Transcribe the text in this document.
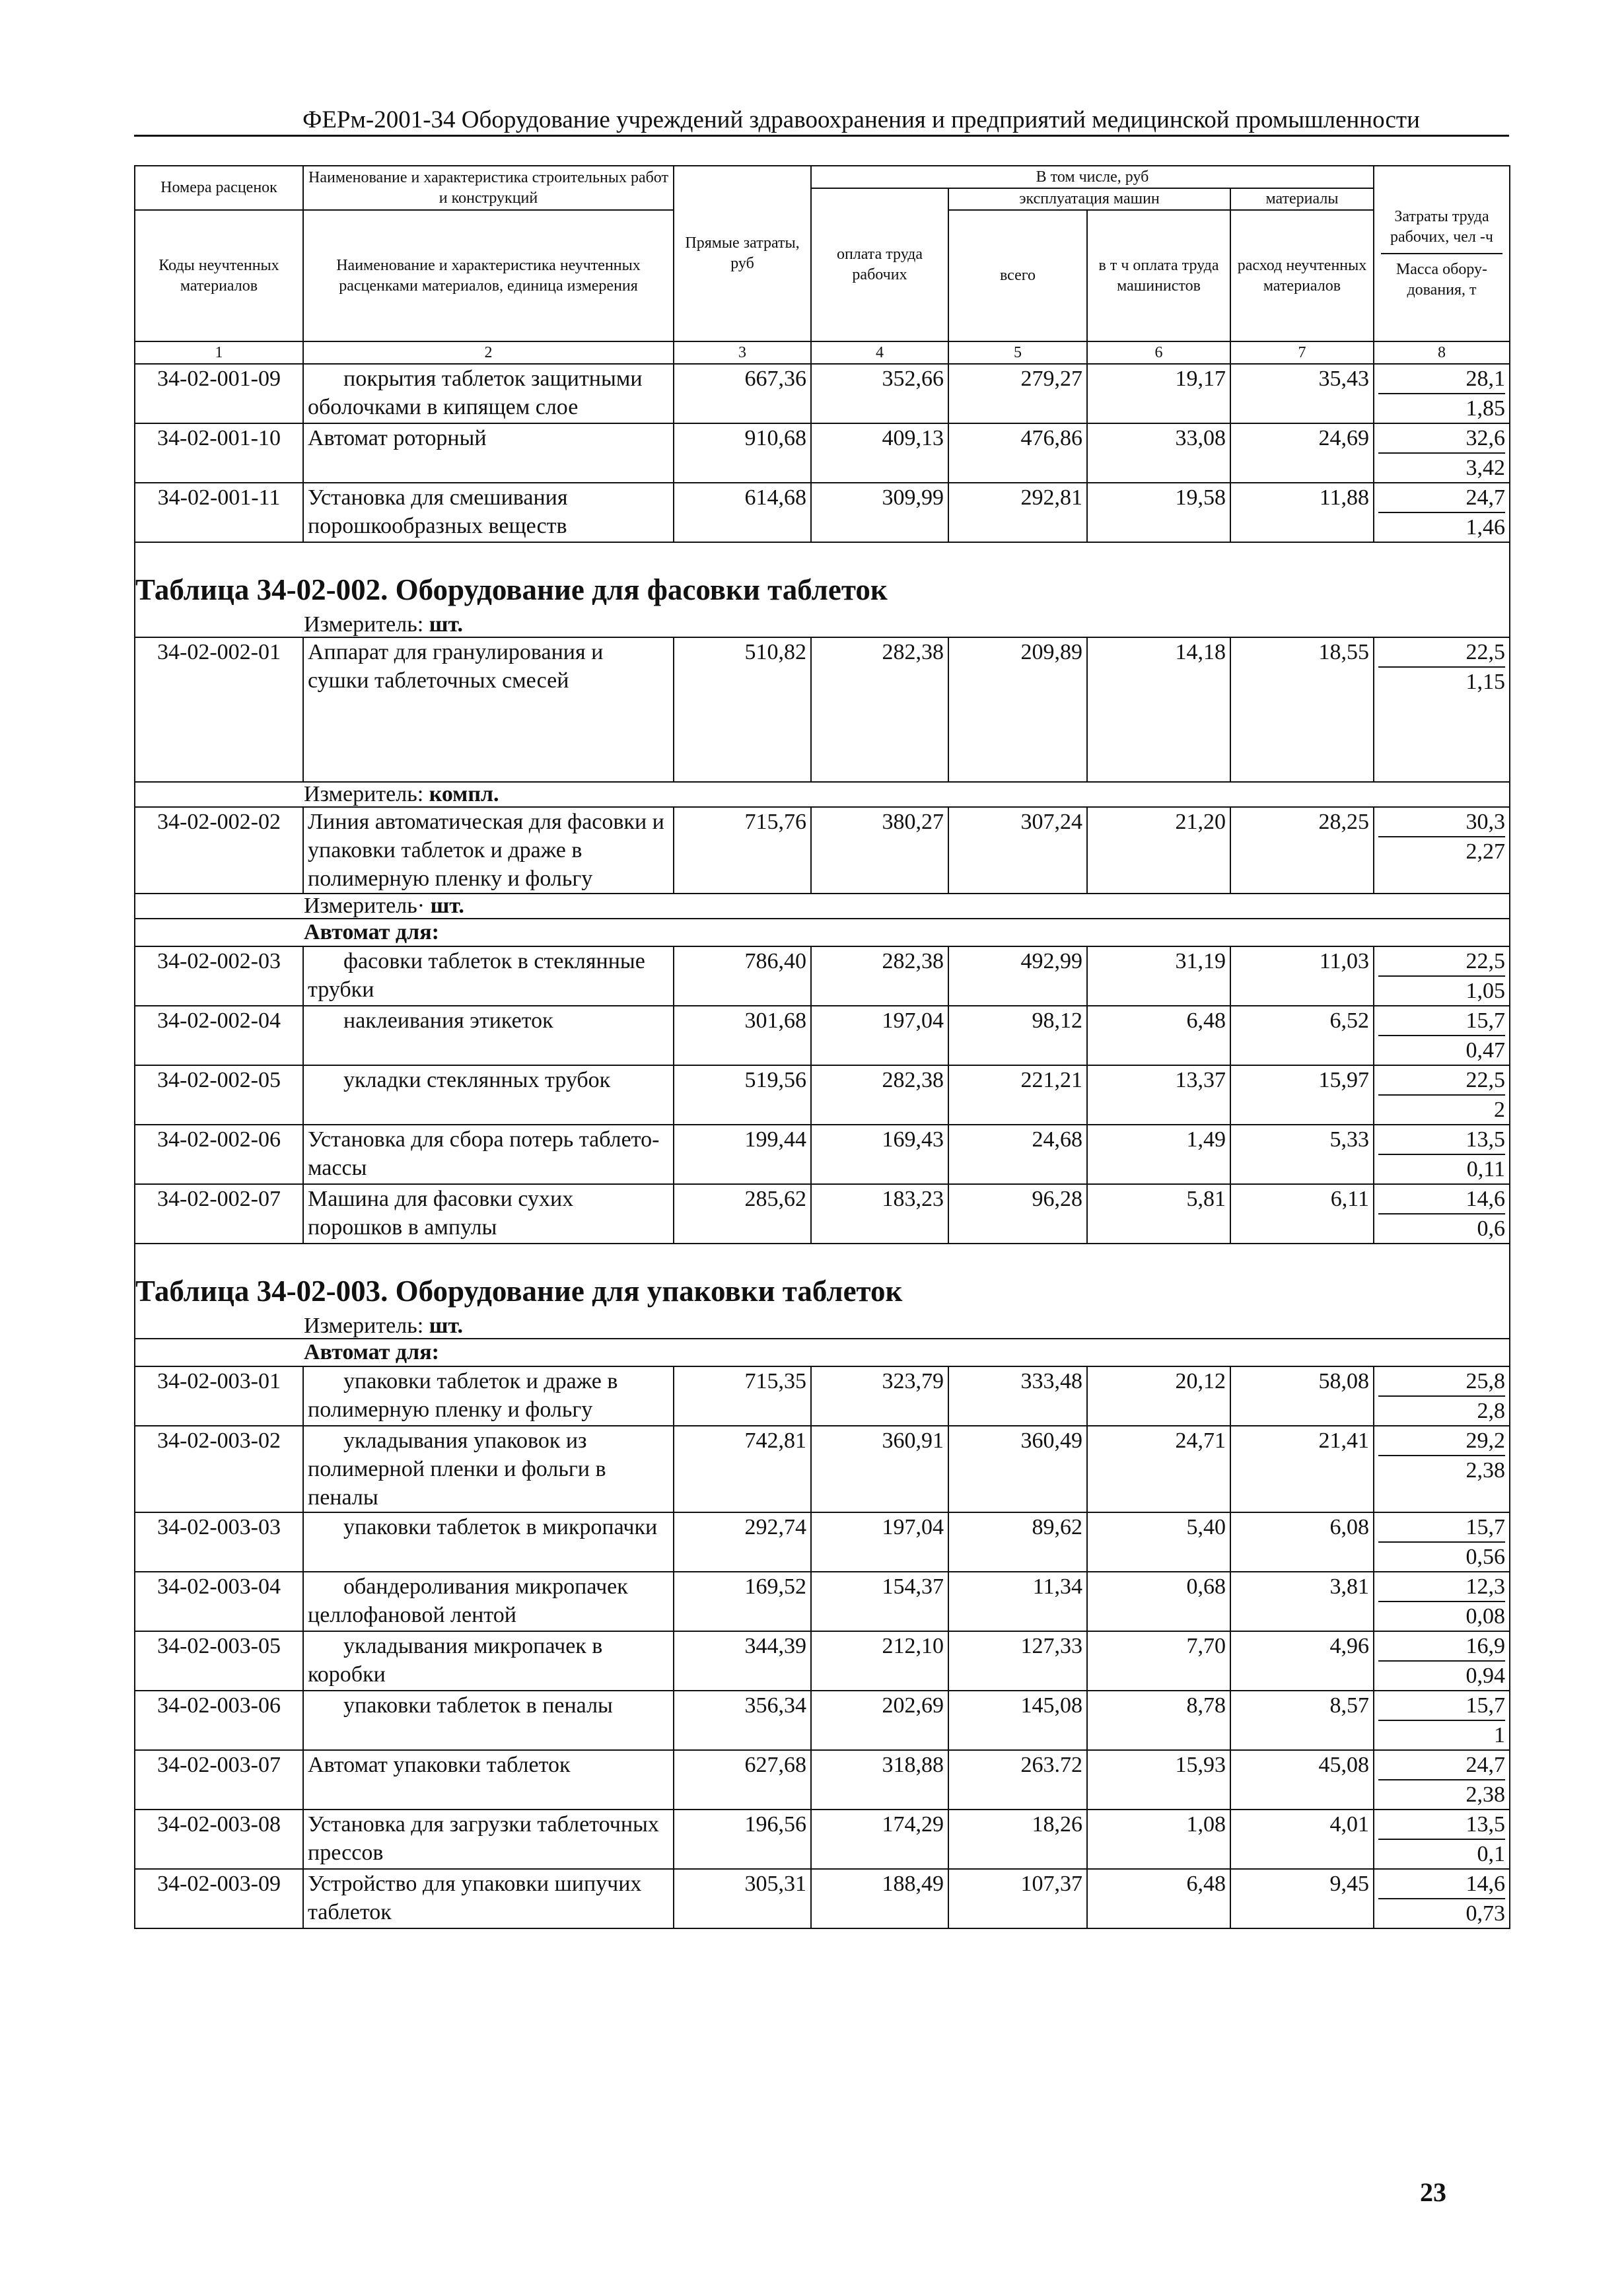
ФЕРм-2001-34 Оборудование учреждений здравоохранения и предприятий медицинской промышленности
Номера расценок	Наименование и характеристика строительных работ и конструкций	Прямые затраты, руб	В том числе, руб				Затраты труда рабочих, чел -ч
Масса обору-дования, т

			оплата труда рабочих	эксплуатация машин		материалы	
Коды неучтенных материалов	Наименование и характеристика неучтенных расценками материалов, единица измерения			всего	в т ч оплата труда машинистов	расход неучтенных материалов	
1	2	3	4	5	6	7	8
34-02-001-09	покрытия таблеток защитными оболочками в кипящем слое	667,36	352,66	279,27	19,17	35,43	28,1
1,85

34-02-001-10	Автомат роторный	910,68	409,13	476,86	33,08	24,69	32,6
3,42

34-02-001-11	Установка для смешивания порошкообразных веществ	614,68	309,99	292,81	19,58	11,88	24,7
1,46

Таблица 34-02-002. Оборудование для фасовки таблеток							
Измеритель: шт.							
34-02-002-01	Аппарат для гранулирования и сушки таблеточных смесей	510,82	282,38	209,89	14,18	18,55	22,5
1,15

Измеритель: компл.							
34-02-002-02	Линия автоматическая для фасовки и упаковки таблеток и драже в полимерную пленку и фольгу	715,76	380,27	307,24	21,20	28,25	30,3
2,27

Измеритель· шт.							
Автомат для:							
34-02-002-03	фасовки таблеток в стеклянные трубки	786,40	282,38	492,99	31,19	11,03	22,5
1,05

34-02-002-04	наклеивания этикеток	301,68	197,04	98,12	6,48	6,52	15,7
0,47

34-02-002-05	укладки стеклянных трубок	519,56	282,38	221,21	13,37	15,97	22,5
2

34-02-002-06	Установка для сбора потерь таблето-массы	199,44	169,43	24,68	1,49	5,33	13,5
0,11

34-02-002-07	Машина для фасовки сухих порошков в ампулы	285,62	183,23	96,28	5,81	6,11	14,6
0,6

Таблица 34-02-003. Оборудование для упаковки таблеток							
Измеритель: шт.							
Автомат для:							
34-02-003-01	упаковки таблеток и драже в полимерную пленку и фольгу	715,35	323,79	333,48	20,12	58,08	25,8
2,8

34-02-003-02	укладывания упаковок из полимерной пленки и фольги в пеналы	742,81	360,91	360,49	24,71	21,41	29,2
2,38

34-02-003-03	упаковки таблеток в микропачки	292,74	197,04	89,62	5,40	6,08	15,7
0,56

34-02-003-04	обандероливания микропачек целлофановой лентой	169,52	154,37	11,34	0,68	3,81	12,3
0,08

34-02-003-05	укладывания микропачек в коробки	344,39	212,10	127,33	7,70	4,96	16,9
0,94

34-02-003-06	упаковки таблеток в пеналы	356,34	202,69	145,08	8,78	8,57	15,7
1

34-02-003-07	Автомат упаковки таблеток	627,68	318,88	263.72	15,93	45,08	24,7
2,38

34-02-003-08	Установка для загрузки таблеточных прессов	196,56	174,29	18,26	1,08	4,01	13,5
0,1

34-02-003-09	Устройство для упаковки шипучих таблеток	305,31	188,49	107,37	6,48	9,45	14,6
0,73
23
